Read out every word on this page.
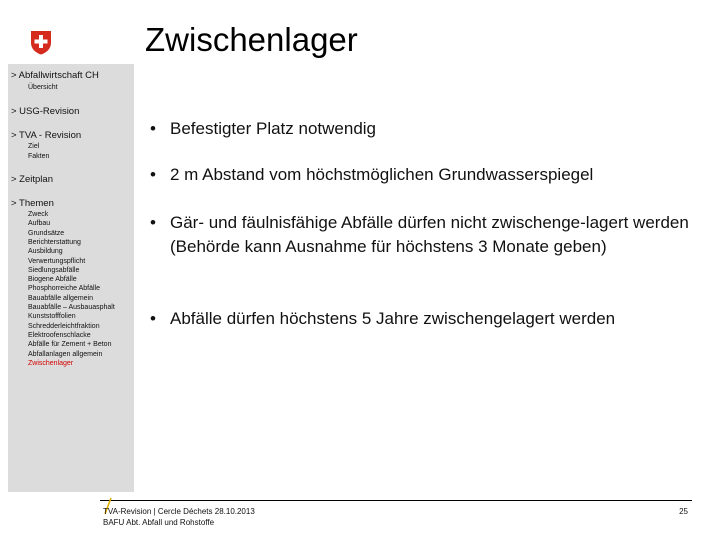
Zwischenlager
> Abfallwirtschaft CH
Übersicht
> USG-Revision
> TVA - Revision
Ziel
Fakten
> Zeitplan
> Themen
Zweck
Aufbau
Grundsätze
Berichterstattung
Ausbildung
Verwertungspflicht
Siedlungsabfälle
Biogene Abfälle
Phosphorreiche Abfälle
Bauabfälle allgemein
Bauabfälle – Ausbauasphalt
Kunststofffolien
Schredderleichtfraktion
Elektroofenschlacke
Abfälle für Zement + Beton
Abfallanlagen allgemein
Zwischenlager
• Befestigter Platz notwendig
• 2 m Abstand vom höchstmöglichen Grundwasserspiegel
• Gär- und fäulnisfähige Abfälle dürfen nicht zwischenge-lagert werden (Behörde kann Ausnahme für höchstens 3 Monate geben)
• Abfälle dürfen höchstens 5 Jahre zwischengelagert werden
TVA-Revision | Cercle Déchets 28.10.2013
BAFU Abt. Abfall und Rohstoffe
25
